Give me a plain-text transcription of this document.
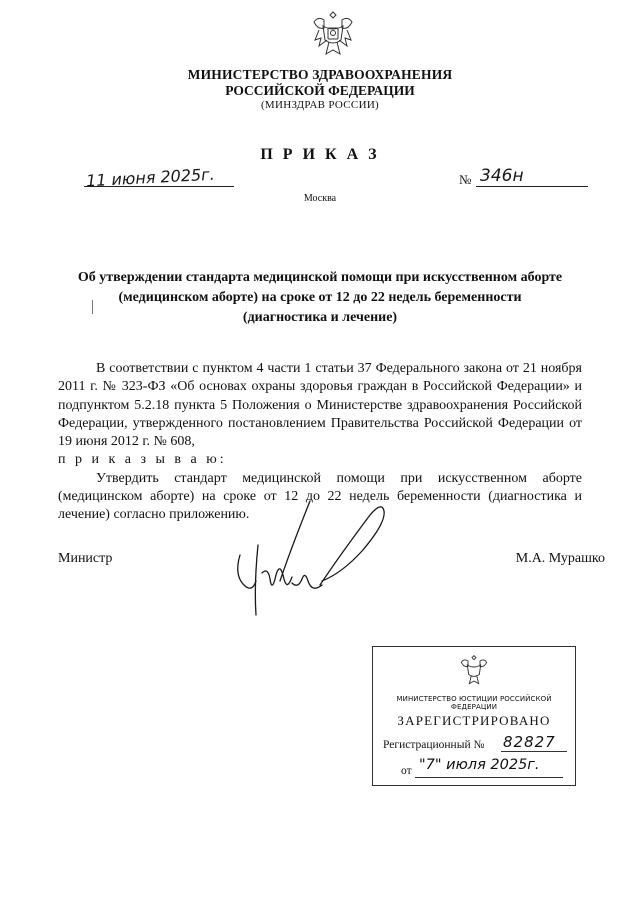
МИНИСТЕРСТВО ЗДРАВООХРАНЕНИЯ
РОССИЙСКОЙ ФЕДЕРАЦИИ
(МИНЗДРАВ РОССИИ)
П Р И К А З
11 июня 2025г.	№ 346н
Москва
Об утверждении стандарта медицинской помощи при искусственном аборте
(медицинском аборте) на сроке от 12 до 22 недель беременности
(диагностика и лечение)

В соответствии с пунктом 4 части 1 статьи 37 Федерального закона от 21 ноября 2011 г. № 323-ФЗ «Об основах охраны здоровья граждан в Российской Федерации» и подпунктом 5.2.18 пункта 5 Положения о Министерстве здравоохранения Российской Федерации, утвержденного постановлением Правительства Российской Федерации от 19 июня 2012 г. № 608,

п р и к а з ы в а ю:

Утвердить стандарт медицинской помощи при искусственном аборте (медицинском аборте) на сроке от 12 до 22 недель беременности (диагностика и лечение) согласно приложению.

Министр	М.А. Мурашко
МИНИСТЕРСТВО ЮСТИЦИИ РОССИЙСКОЙ ФЕДЕРАЦИИ
ЗАРЕГИСТРИРОВАНО
Регистрационный № 82827
от "7" июля 2025г.
